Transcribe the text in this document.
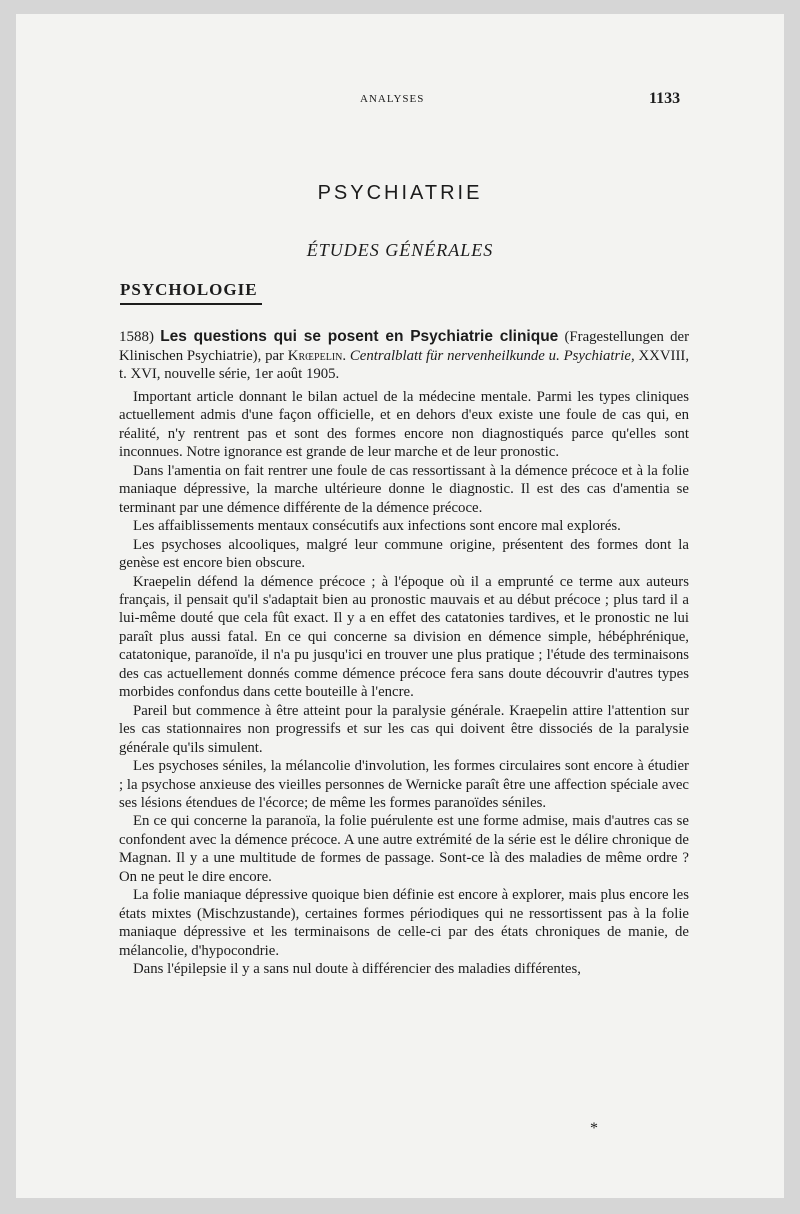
ANALYSES	1133
PSYCHIATRIE
ÉTUDES GÉNÉRALES
PSYCHOLOGIE
1588) Les questions qui se posent en Psychiatrie clinique (Fragestellungen der Klinischen Psychiatrie), par Krœpelin. Centralblatt für nervenheilkunde u. Psychiatrie, XXVIII, t. XVI, nouvelle série, 1er août 1905.

Important article donnant le bilan actuel de la médecine mentale. Parmi les types cliniques actuellement admis d'une façon officielle, et en dehors d'eux existe une foule de cas qui, en réalité, n'y rentrent pas et sont des formes encore non diagnostiqués parce qu'elles sont inconnues. Notre ignorance est grande de leur marche et de leur pronostic.

Dans l'amentia on fait rentrer une foule de cas ressortissant à la démence précoce et à la folie maniaque dépressive, la marche ultérieure donne le diagnostic. Il est des cas d'amentia se terminant par une démence différente de la démence précoce.

Les affaiblissements mentaux consécutifs aux infections sont encore mal explorés.

Les psychoses alcooliques, malgré leur commune origine, présentent des formes dont la genèse est encore bien obscure.

Kraepelin défend la démence précoce ; à l'époque où il a emprunté ce terme aux auteurs français, il pensait qu'il s'adaptait bien au pronostic mauvais et au début précoce ; plus tard il a lui-même douté que cela fût exact. Il y a en effet des catatonies tardives, et le pronostic ne lui paraît plus aussi fatal. En ce qui concerne sa division en démence simple, hébéphrénique, catatonique, paranoïde, il n'a pu jusqu'ici en trouver une plus pratique ; l'étude des terminaisons des cas actuellement donnés comme démence précoce fera sans doute découvrir d'autres types morbides confondus dans cette bouteille à l'encre.

Pareil but commence à être atteint pour la paralysie générale. Kraepelin attire l'attention sur les cas stationnaires non progressifs et sur les cas qui doivent être dissociés de la paralysie générale qu'ils simulent.

Les psychoses séniles, la mélancolie d'involution, les formes circulaires sont encore à étudier ; la psychose anxieuse des vieilles personnes de Wernicke paraît être une affection spéciale avec ses lésions étendues de l'écorce; de même les formes paranoïdes séniles.

En ce qui concerne la paranoïa, la folie puérulente est une forme admise, mais d'autres cas se confondent avec la démence précoce. A une autre extrémité de la série est le délire chronique de Magnan. Il y a une multitude de formes de passage. Sont-ce là des maladies de même ordre ? On ne peut le dire encore.

La folie maniaque dépressive quoique bien définie est encore à explorer, mais plus encore les états mixtes (Mischzustande), certaines formes périodiques qui ne ressortissent pas à la folie maniaque dépressive et les terminaisons de celle-ci par des états chroniques de manie, de mélancolie, d'hypocondrie.

Dans l'épilepsie il y a sans nul doute à différencier des maladies différentes,

*
